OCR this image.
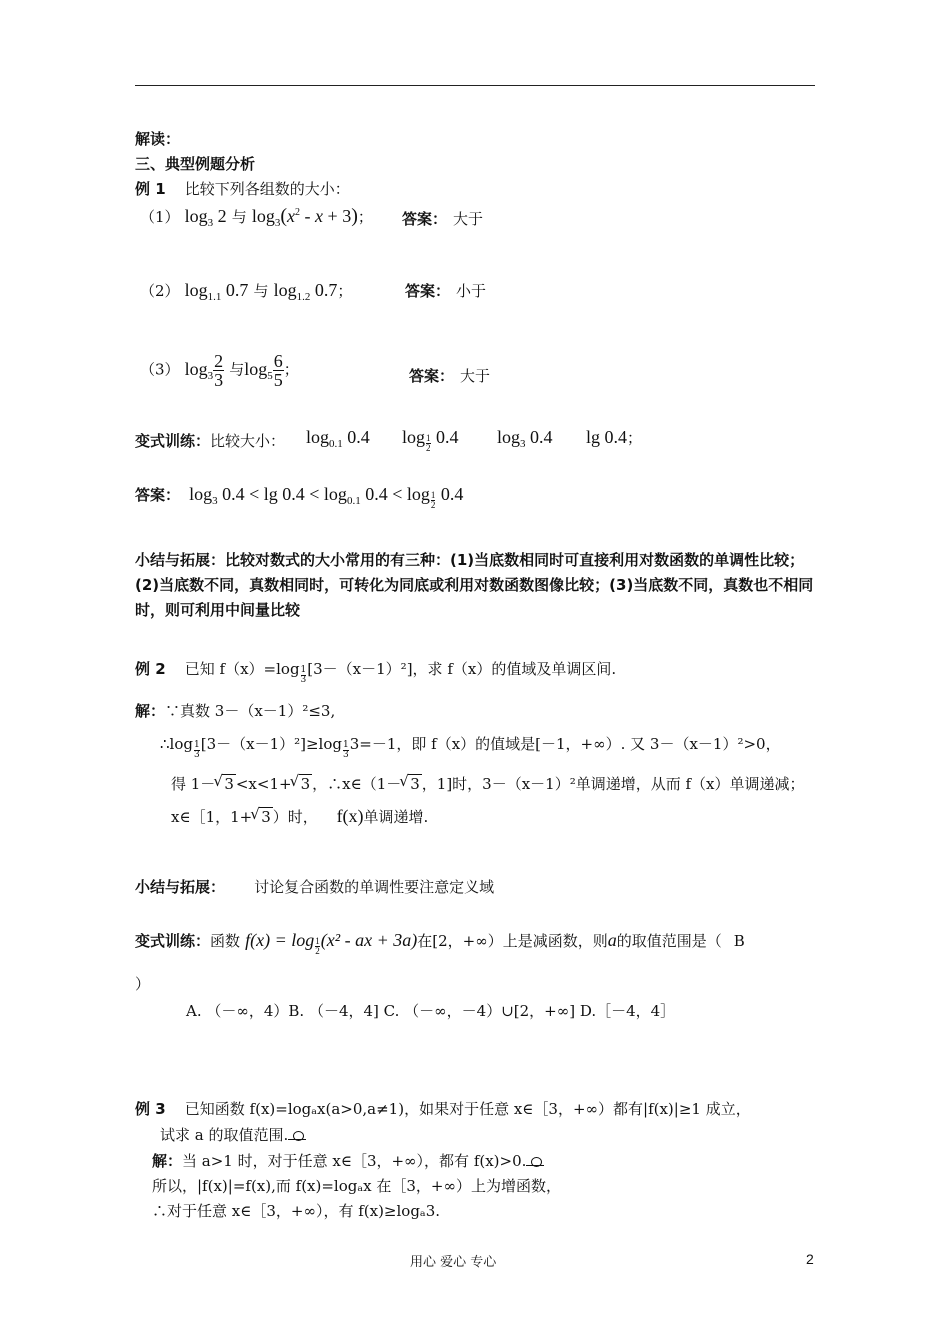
解读：
三、典型例题分析
例 1 比较下列各组数的大小：
（1） $\log_3 2$ 与 $\log_3(x^2 - x + 3)$； 答案： 大于
（2） $\log_{1.1} 0.7$ 与 $\log_{1.2} 0.7$；	答案： 小于
（3） $\log_3 \frac{2}{3}$ 与$\log_5 \frac{6}{5}$ ；	答案： 大于
变式训练：比较大小： $\log_{0.1} 0.4$ $\log \frac{1}{2} 0.4$ $\log_3 0.4$ lg 0.4；
答案： $\log_3 0.4 < \lg 0.4 < \log_{0.1} 0.4 < \log \frac{1}{2} 0.4$
小结与拓展：比较对数式的大小常用的有三种：(1)当底数相同时可直接利用对数函数的单调性比较；(2)当底数不同，真数相同时，可转化为同底或利用对数函数图像比较；(3)当底数不同，真数也不相同时，则可利用中间量比较
例 2 已知 $f(x)=\log \frac{1}{3} [3-(x-1)^2]$，求 f（x）的值域及单调区间.
解：∵真数 3－（x－1）²≤3,
∴log $\frac{1}{3} [3-(x-1)^2]\ge\log \frac{1}{3} 3=-1$，即 f（x）的值域是[－1，+∞）. 又 3－（x－1）²>0，
得 1－ √ 3 <x<1+ √ 3 ，∴x∈（1－ √ 3 ，1]时，3－（x－1）²单调递增，从而 f（x）单调递减；
x∈［1，1+ √ 3 ）时， f(x)单调递增.
小结与拓展： 讨论复合函数的单调性要注意定义域
变式训练：函数 $f(x) = \log \frac{1}{2} (x^2$ - ax + 3a)在[2，+∞）上是减函数，则a的取值范围是（ B
）
A. （－∞，4）B. （－4，4] C. （－∞，－4）∪[2，+∞] D.［－4，4］
例 3 已知函数 f(x)=logₐx(a>0,a≠1)，如果对于任意 x∈［3，+∞）都有|f(x)|≥1 成立，
试求 a 的取值范围.
解：当 a>1 时，对于任意 x∈［3，+∞），都有 f(x)>0.
所以，|f(x)|=f(x),而 f(x)=logₐx 在［3，+∞）上为增函数，
∴对于任意 x∈［3，+∞），有 f(x)≥logₐ3.
用心 爱心 专心	2
